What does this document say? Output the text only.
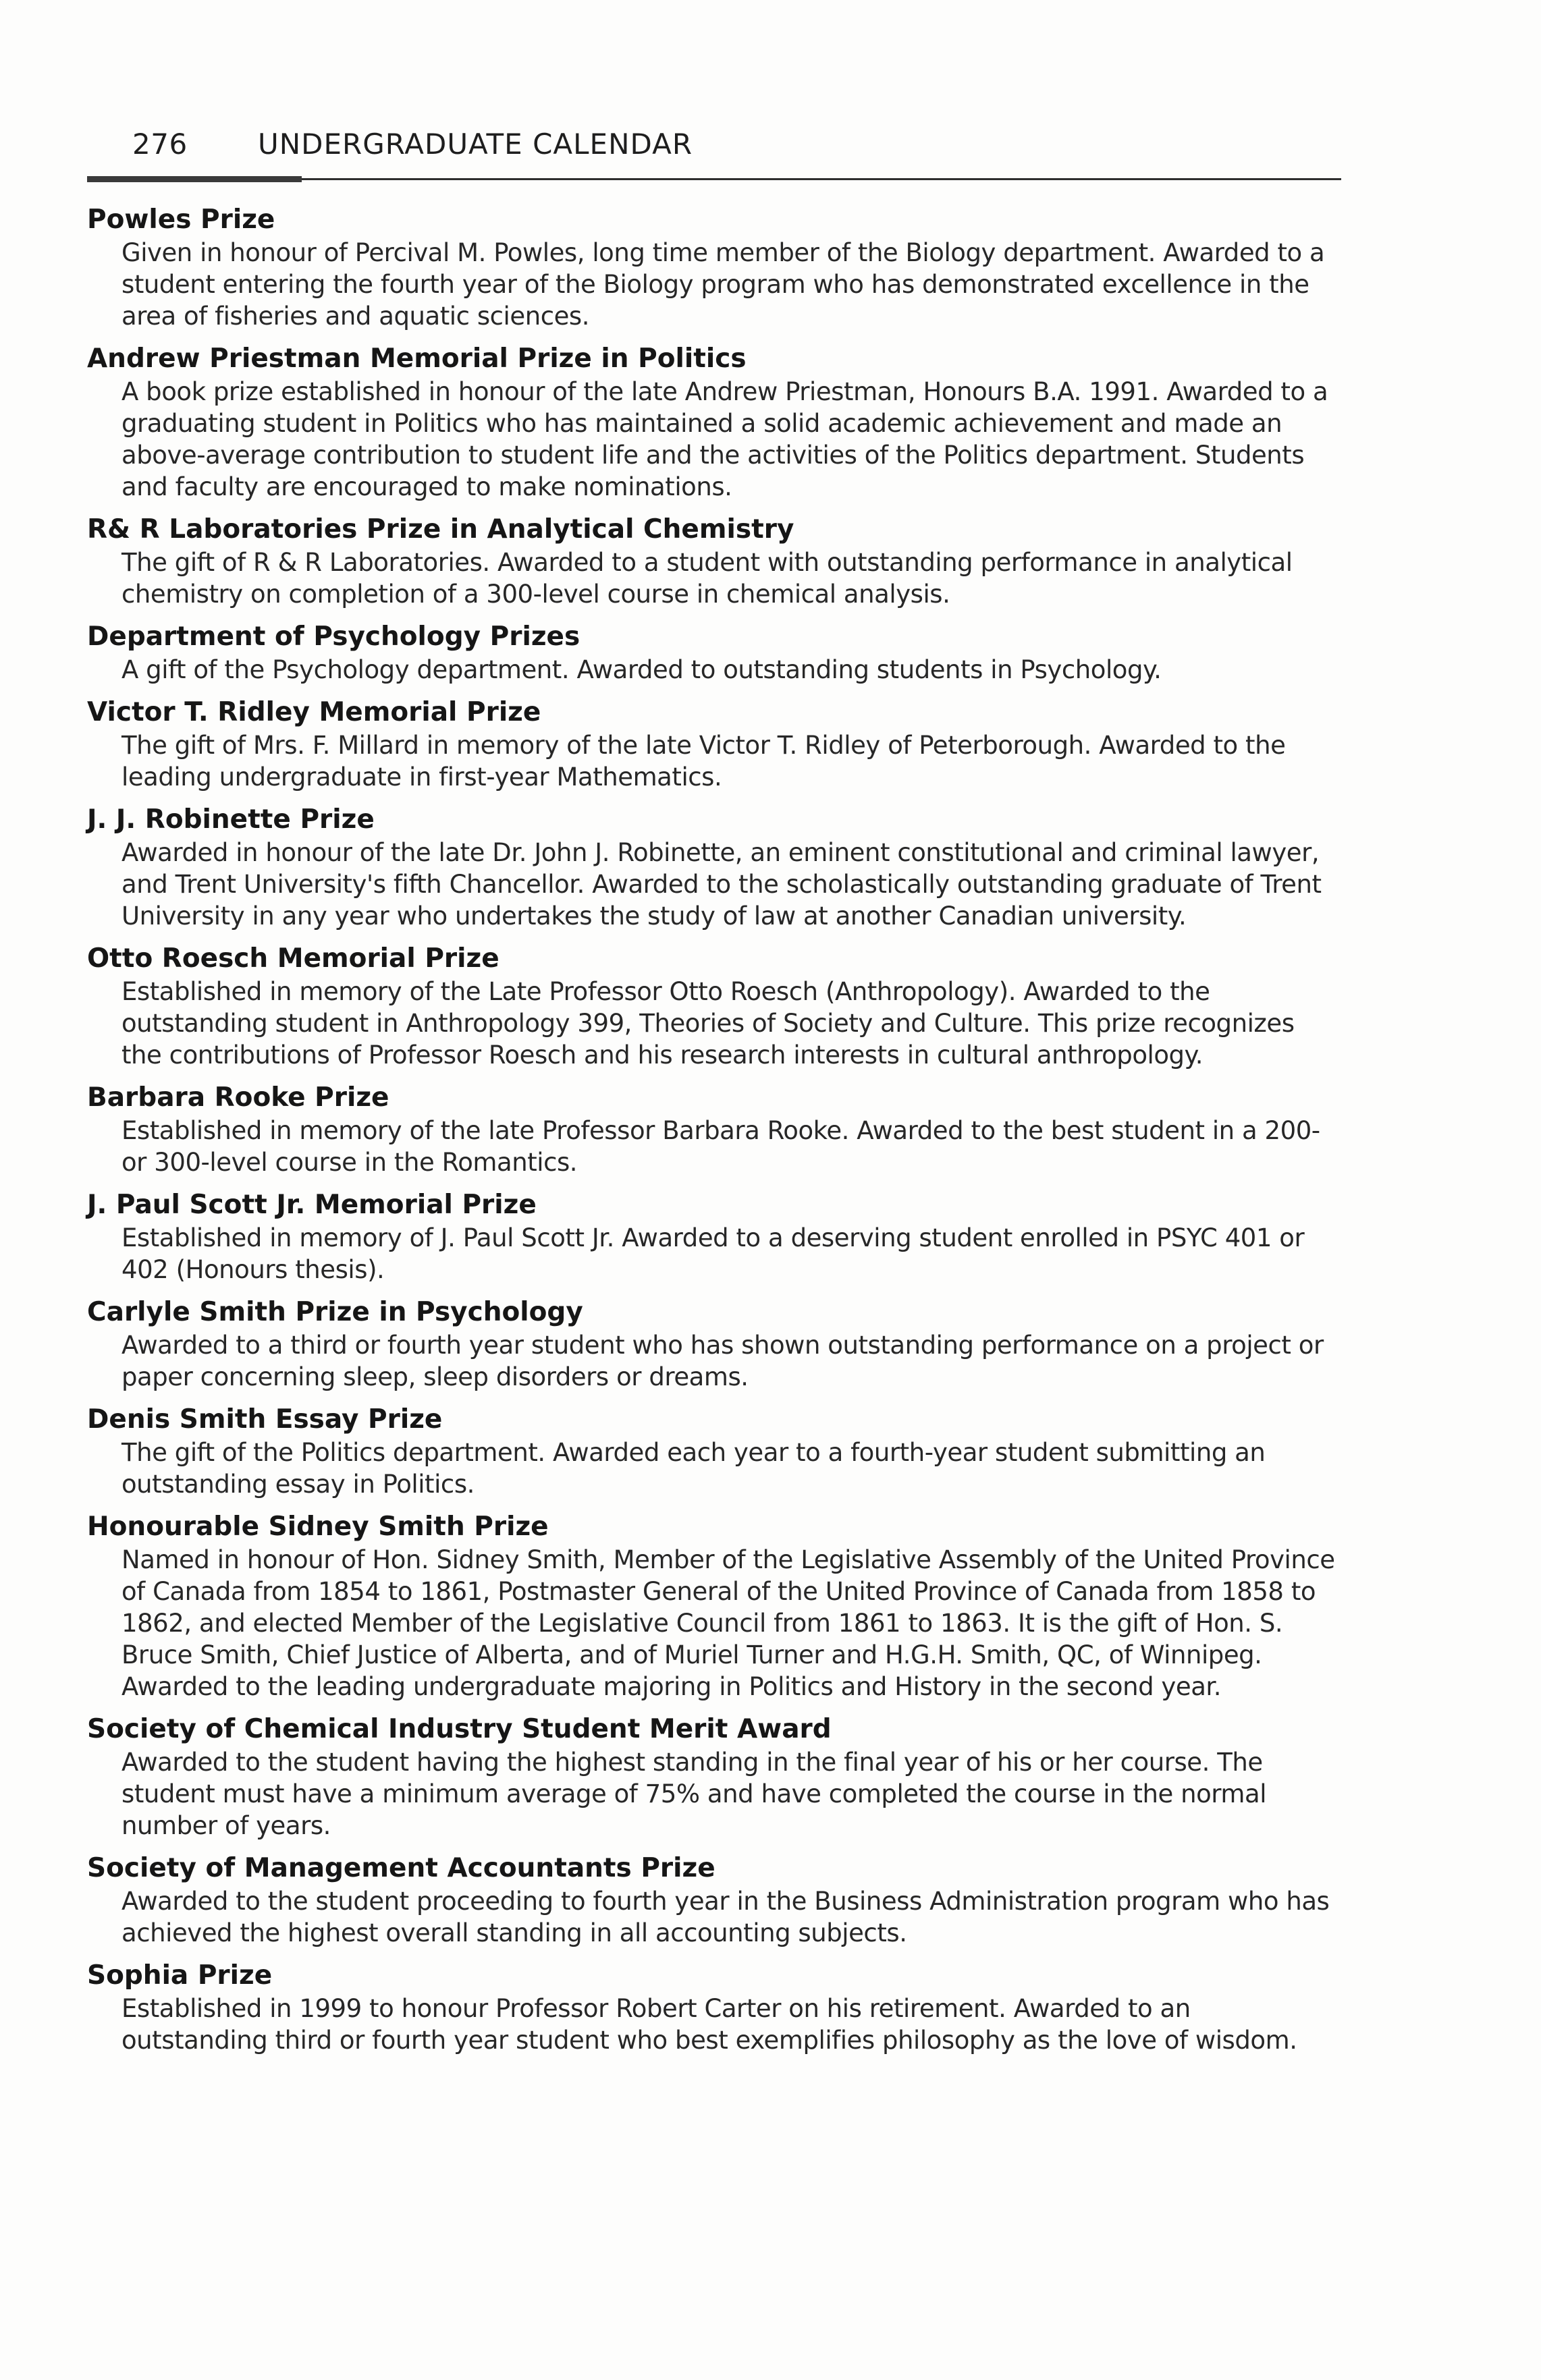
276 UNDERGRADUATE CALENDAR

Powles Prize

Given in honour of Percival M. Powles, long time member of the Biology department. Awarded to a student entering the fourth year of the Biology program who has demonstrated excellence in the area of fisheries and aquatic sciences.

Andrew Priestman Memorial Prize in Politics

A book prize established in honour of the late Andrew Priestman, Honours B.A. 1991. Awarded to a graduating student in Politics who has maintained a solid academic achievement and made an above-average contribution to student life and the activities of the Politics department. Students and faculty are encouraged to make nominations.

R& R Laboratories Prize in Analytical Chemistry

The gift of R & R Laboratories. Awarded to a student with outstanding performance in analytical chemistry on completion of a 300-level course in chemical analysis.

Department of Psychology Prizes

A gift of the Psychology department. Awarded to outstanding students in Psychology.

Victor T. Ridley Memorial Prize

The gift of Mrs. F. Millard in memory of the late Victor T. Ridley of Peterborough. Awarded to the leading undergraduate in first-year Mathematics.

J. J. Robinette Prize

Awarded in honour of the late Dr. John J. Robinette, an eminent constitutional and criminal lawyer, and Trent University's fifth Chancellor. Awarded to the scholastically outstanding graduate of Trent University in any year who undertakes the study of law at another Canadian university.

Otto Roesch Memorial Prize

Established in memory of the Late Professor Otto Roesch (Anthropology). Awarded to the outstanding student in Anthropology 399, Theories of Society and Culture. This prize recognizes the contributions of Professor Roesch and his research interests in cultural anthropology.

Barbara Rooke Prize

Established in memory of the late Professor Barbara Rooke. Awarded to the best student in a 200- or 300-level course in the Romantics.

J. Paul Scott Jr. Memorial Prize

Established in memory of J. Paul Scott Jr. Awarded to a deserving student enrolled in PSYC 401 or 402 (Honours thesis).

Carlyle Smith Prize in Psychology

Awarded to a third or fourth year student who has shown outstanding performance on a project or paper concerning sleep, sleep disorders or dreams.

Denis Smith Essay Prize

The gift of the Politics department. Awarded each year to a fourth-year student submitting an outstanding essay in Politics.

Honourable Sidney Smith Prize

Named in honour of Hon. Sidney Smith, Member of the Legislative Assembly of the United Province of Canada from 1854 to 1861, Postmaster General of the United Province of Canada from 1858 to 1862, and elected Member of the Legislative Council from 1861 to 1863. It is the gift of Hon. S. Bruce Smith, Chief Justice of Alberta, and of Muriel Turner and H.G.H. Smith, QC, of Winnipeg. Awarded to the leading undergraduate majoring in Politics and History in the second year.

Society of Chemical Industry Student Merit Award

Awarded to the student having the highest standing in the final year of his or her course. The student must have a minimum average of 75% and have completed the course in the normal number of years.

Society of Management Accountants Prize

Awarded to the student proceeding to fourth year in the Business Administration program who has achieved the highest overall standing in all accounting subjects.

Sophia Prize

Established in 1999 to honour Professor Robert Carter on his retirement. Awarded to an outstanding third or fourth year student who best exemplifies philosophy as the love of wisdom.
